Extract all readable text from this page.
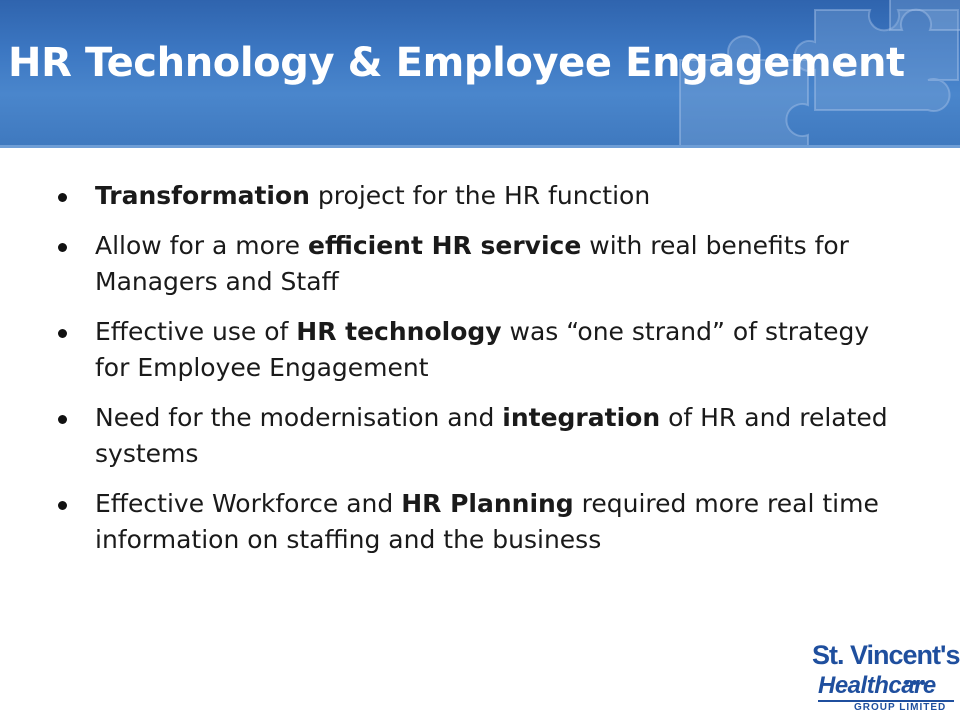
HR Technology & Employee Engagement
Transformation project for the HR function
Allow for a more efficient HR service with real benefits for Managers and Staff
Effective use of HR technology was “one strand” of strategy for Employee Engagement
Need for the modernisation and integration of HR and related systems
Effective Workforce and HR Planning required more real time information on staffing and the business
St. Vincent's
Healthcare
GROUP LIMITED
